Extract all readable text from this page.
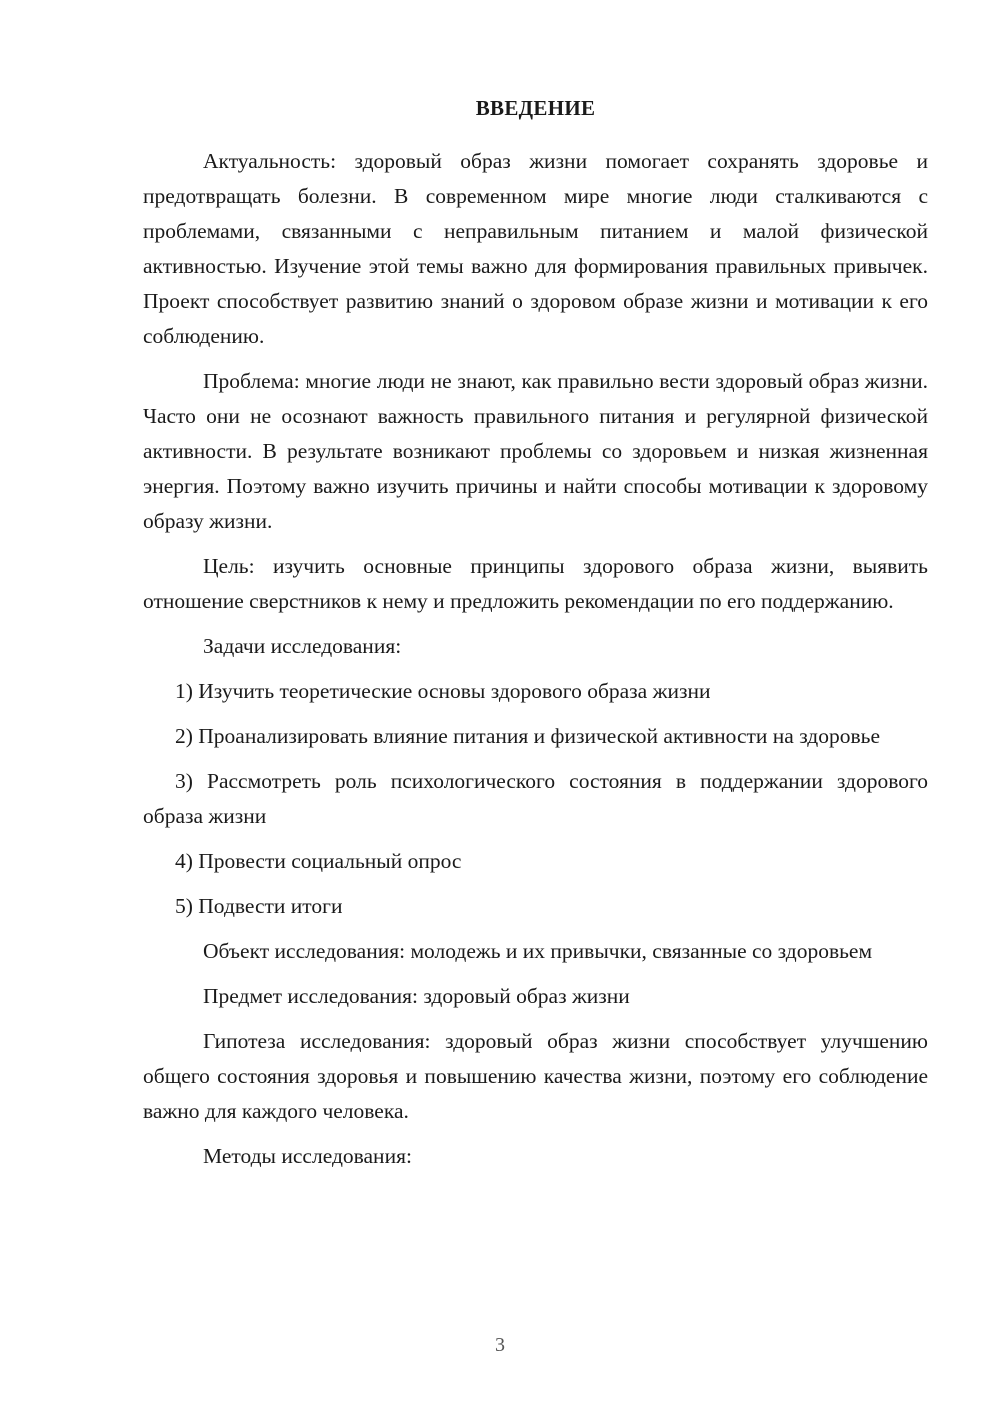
ВВЕДЕНИЕ

Актуальность: здоровый образ жизни помогает сохранять здоровье и предотвращать болезни. В современном мире многие люди сталкиваются с проблемами, связанными с неправильным питанием и малой физической активностью. Изучение этой темы важно для формирования правильных привычек. Проект способствует развитию знаний о здоровом образе жизни и мотивации к его соблюдению.

Проблема: многие люди не знают, как правильно вести здоровый образ жизни. Часто они не осознают важность правильного питания и регулярной физической активности. В результате возникают проблемы со здоровьем и низкая жизненная энергия. Поэтому важно изучить причины и найти способы мотивации к здоровому образу жизни.

Цель: изучить основные принципы здорового образа жизни, выявить отношение сверстников к нему и предложить рекомендации по его поддержанию.

Задачи исследования:

1) Изучить теоретические основы здорового образа жизни

2) Проанализировать влияние питания и физической активности на здоровье

3) Рассмотреть роль психологического состояния в поддержании здорового образа жизни

4) Провести социальный опрос

5) Подвести итоги

Объект исследования: молодежь и их привычки, связанные со здоровьем

Предмет исследования: здоровый образ жизни

Гипотеза исследования: здоровый образ жизни способствует улучшению общего состояния здоровья и повышению качества жизни, поэтому его соблюдение важно для каждого человека.

Методы исследования:

3
